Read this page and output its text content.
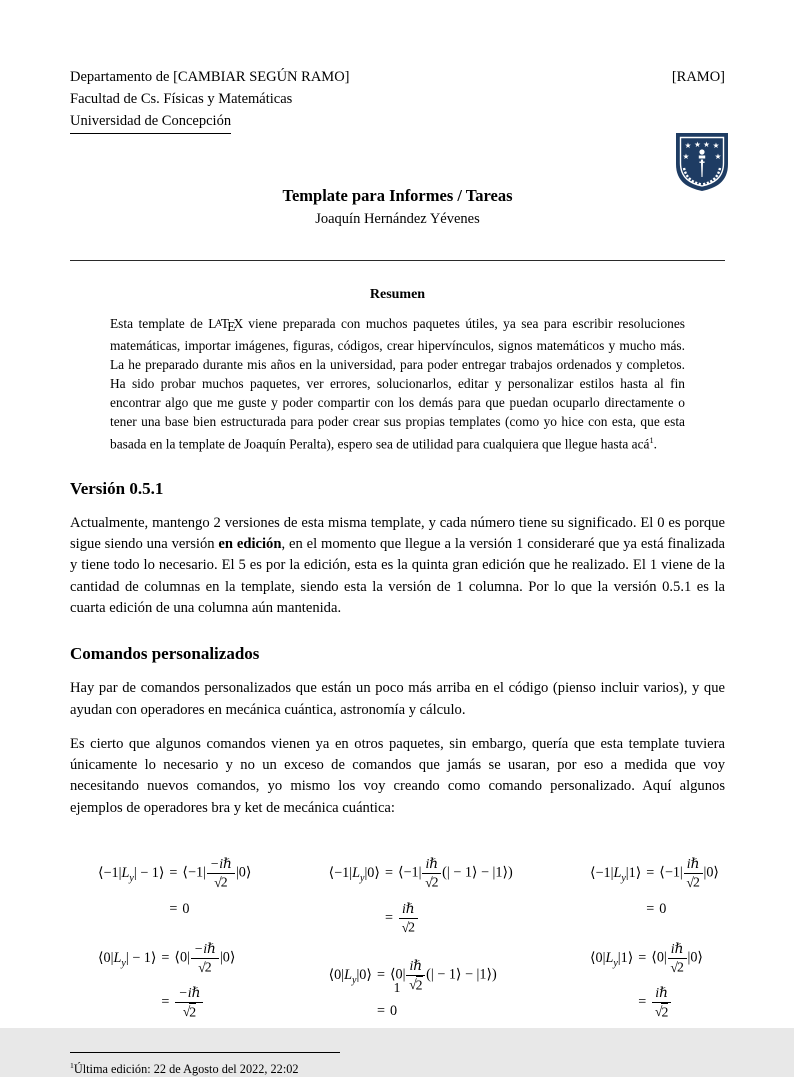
Departamento de [CAMBIAR SEGÚN RAMO]
Facultad de Cs. Físicas y Matemáticas
Universidad de Concepción
[RAMO]
★ ★ ★ ★
★	★
Template para Informes / Tareas
Joaquín Hernández Yévenes
Resumen

Esta template de LATEX viene preparada con muchos paquetes útiles, ya sea para escribir resoluciones matemáticas, importar imágenes, figuras, códigos, crear hipervínculos, signos matemáticos y mucho más. La he preparado durante mis años en la universidad, para poder entregar trabajos ordenados y completos. Ha sido probar muchos paquetes, ver errores, solucionarlos, editar y personalizar estilos hasta al fin encontrar algo que me guste y poder compartir con los demás para que puedan ocuparlo directamente o tener una base bien estructurada para poder crear sus propias templates (como yo hice con esta, que esta basada en la template de Joaquín Peralta), espero sea de utilidad para cualquiera que llegue hasta acá$^1$.

Versión 0.5.1

Actualmente, mantengo 2 versiones de esta misma template, y cada número tiene su significado. El 0 es porque sigue siendo una versión en edición, en el momento que llegue a la versión 1 consideraré que ya está finalizada y tiene todo lo necesario. El 5 es por la edición, esta es la quinta gran edición que he realizado. El 1 viene de la cantidad de columnas en la template, siendo esta la versión de 1 columna. Por lo que la versión 0.5.1 es la cuarta edición de una columna aún mantenida.

Comandos personalizados

Hay par de comandos personalizados que están un poco más arriba en el código (pienso incluir varios), y que ayudan con operadores en mecánica cuántica, astronomía y cálculo.

Es cierto que algunos comandos vienen ya en otros paquetes, sin embargo, quería que esta template tuviera únicamente lo necesario y no un exceso de comandos que jamás se usaran, por eso a medida que voy necesitando nuevos comandos, yo mismo los voy creando como comando personalizado. Aquí algunos ejemplos de operadores bra y ket de mecánica cuántica:

$⟨-1|L_y|$ − 1⟩	=	⟨−1| $\frac{\text{−iℏ}}{√2}$ |0⟩
	=	0
$⟨0|L_y|$ − 1⟩	=	⟨0| $\frac{\text{−iℏ}}{√2}$ |0⟩
	=	$\frac{\text{−iℏ}}{√2}$
$⟨-1|L_y|0⟩$	=	⟨−1| $\frac{\text{iℏ}}{√2}$ (| − 1⟩ − |1⟩)
	=	$\frac{\text{iℏ}}{√2}$
$⟨0|L_y|0⟩$	=	⟨0| $\frac{\text{iℏ}}{√2}$ (| − 1⟩ − |1⟩)
	=	0
$⟨-1|L_y|1⟩$	=	⟨−1| $\frac{\text{iℏ}}{√2}$ |0⟩
	=	0
$⟨0|L_y|1⟩$	=	⟨0| $\frac{\text{iℏ}}{√2}$ |0⟩
	=	$\frac{\text{iℏ}}{√2}$
$^1$Última edición: 22 de Agosto del 2022, 22:02
1
